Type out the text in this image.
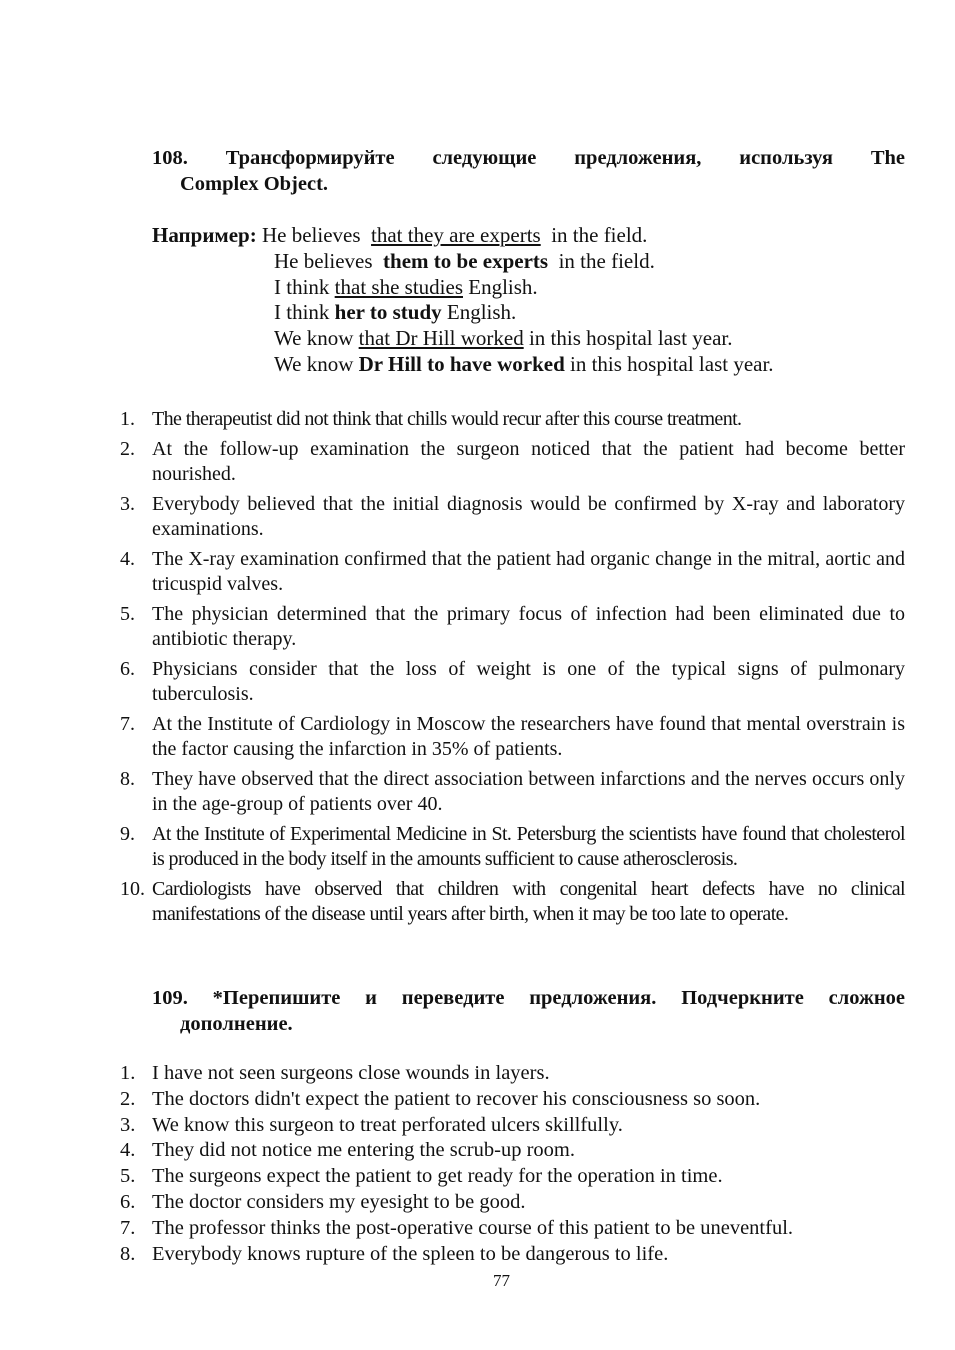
108. Трансформируйте следующие предложения, используя The
Complex Object.
Например: He believes that they are experts in the field.
He believes them to be experts in the field.
I think that she studies English.
I think her to study English.
We know that Dr Hill worked in this hospital last year.
We know Dr Hill to have worked in this hospital last year.
1. The therapeutist did not think that chills would recur after this course treatment.
2. At the follow-up examination the surgeon noticed that the patient had become better nourished.
3. Everybody believed that the initial diagnosis would be confirmed by X-ray and laboratory examinations.
4. The X-ray examination confirmed that the patient had organic change in the mitral, aortic and tricuspid valves.
5. The physician determined that the primary focus of infection had been eliminated due to antibiotic therapy.
6. Physicians consider that the loss of weight is one of the typical signs of pulmonary tuberculosis.
7. At the Institute of Cardiology in Moscow the researchers have found that mental overstrain is the factor causing the infarction in 35% of patients.
8. They have observed that the direct association between infarctions and the nerves occurs only in the age-group of patients over 40.
9. At the Institute of Experimental Medicine in St. Petersburg the scientists have found that cholesterol is produced in the body itself in the amounts sufficient to cause atherosclerosis.
10. Cardiologists have observed that children with congenital heart defects have no clinical manifestations of the disease until years after birth, when it may be too late to operate.
109. *Перепишите и переведите предложения. Подчеркните сложное
дополнение.
1. I have not seen surgeons close wounds in layers.
2. The doctors didn't expect the patient to recover his consciousness so soon.
3. We know this surgeon to treat perforated ulcers skillfully.
4. They did not notice me entering the scrub-up room.
5. The surgeons expect the patient to get ready for the operation in time.
6. The doctor considers my eyesight to be good.
7. The professor thinks the post-operative course of this patient to be uneventful.
8. Everybody knows rupture of the spleen to be dangerous to life.
77
